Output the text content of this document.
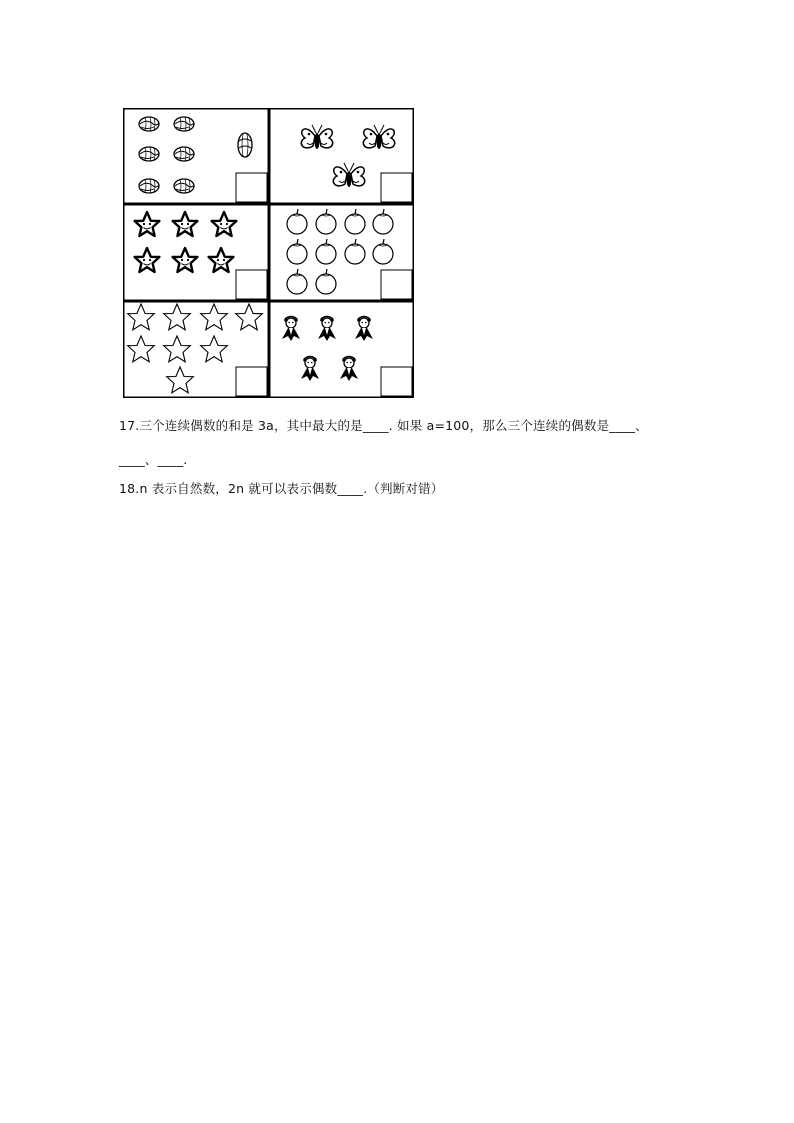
17.三个连续偶数的和是 3a，其中最大的是____. 如果 a=100，那么三个连续的偶数是____、
____、____.
18.n 表示自然数，2n 就可以表示偶数____.（判断对错）
